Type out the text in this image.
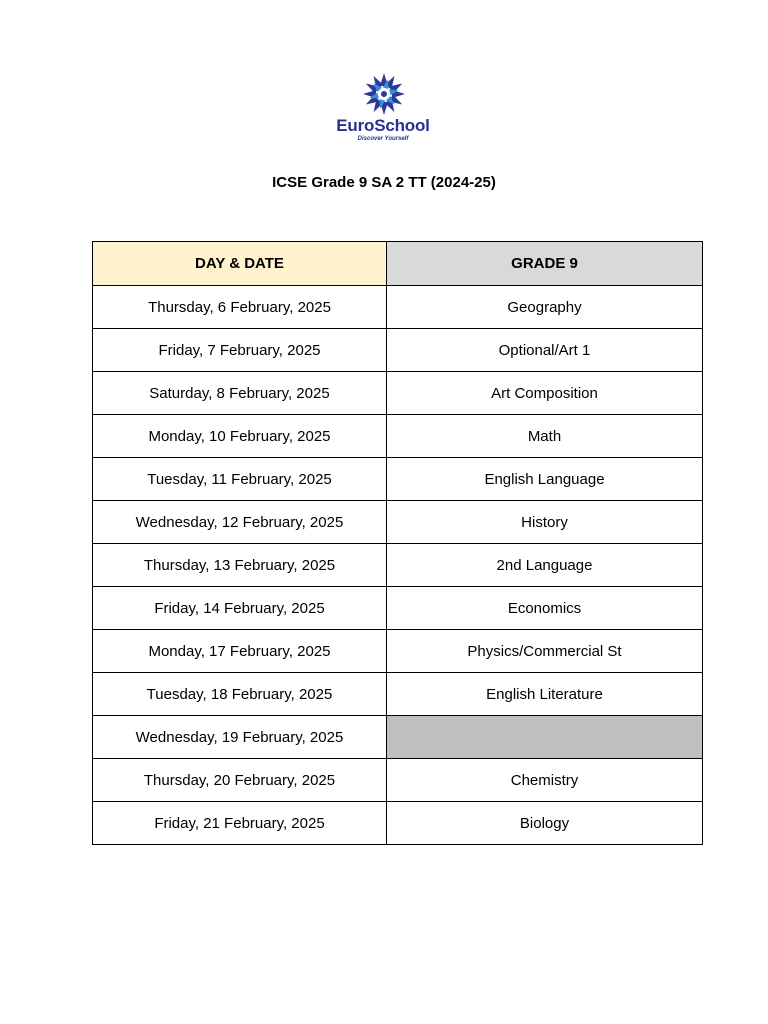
EuroSchool
Discover Yourself
ICSE Grade 9 SA 2 TT (2024-25)
DAY & DATE	GRADE 9
Thursday, 6 February, 2025	Geography
Friday, 7 February, 2025	Optional/Art 1
Saturday, 8 February, 2025	Art Composition
Monday, 10 February, 2025	Math
Tuesday, 11 February, 2025	English Language
Wednesday, 12 February, 2025	History
Thursday, 13 February, 2025	2nd Language
Friday, 14 February, 2025	Economics
Monday, 17 February, 2025	Physics/Commercial St
Tuesday, 18 February, 2025	English Literature
Wednesday, 19 February, 2025	
Thursday, 20 February, 2025	Chemistry
Friday, 21 February, 2025	Biology
